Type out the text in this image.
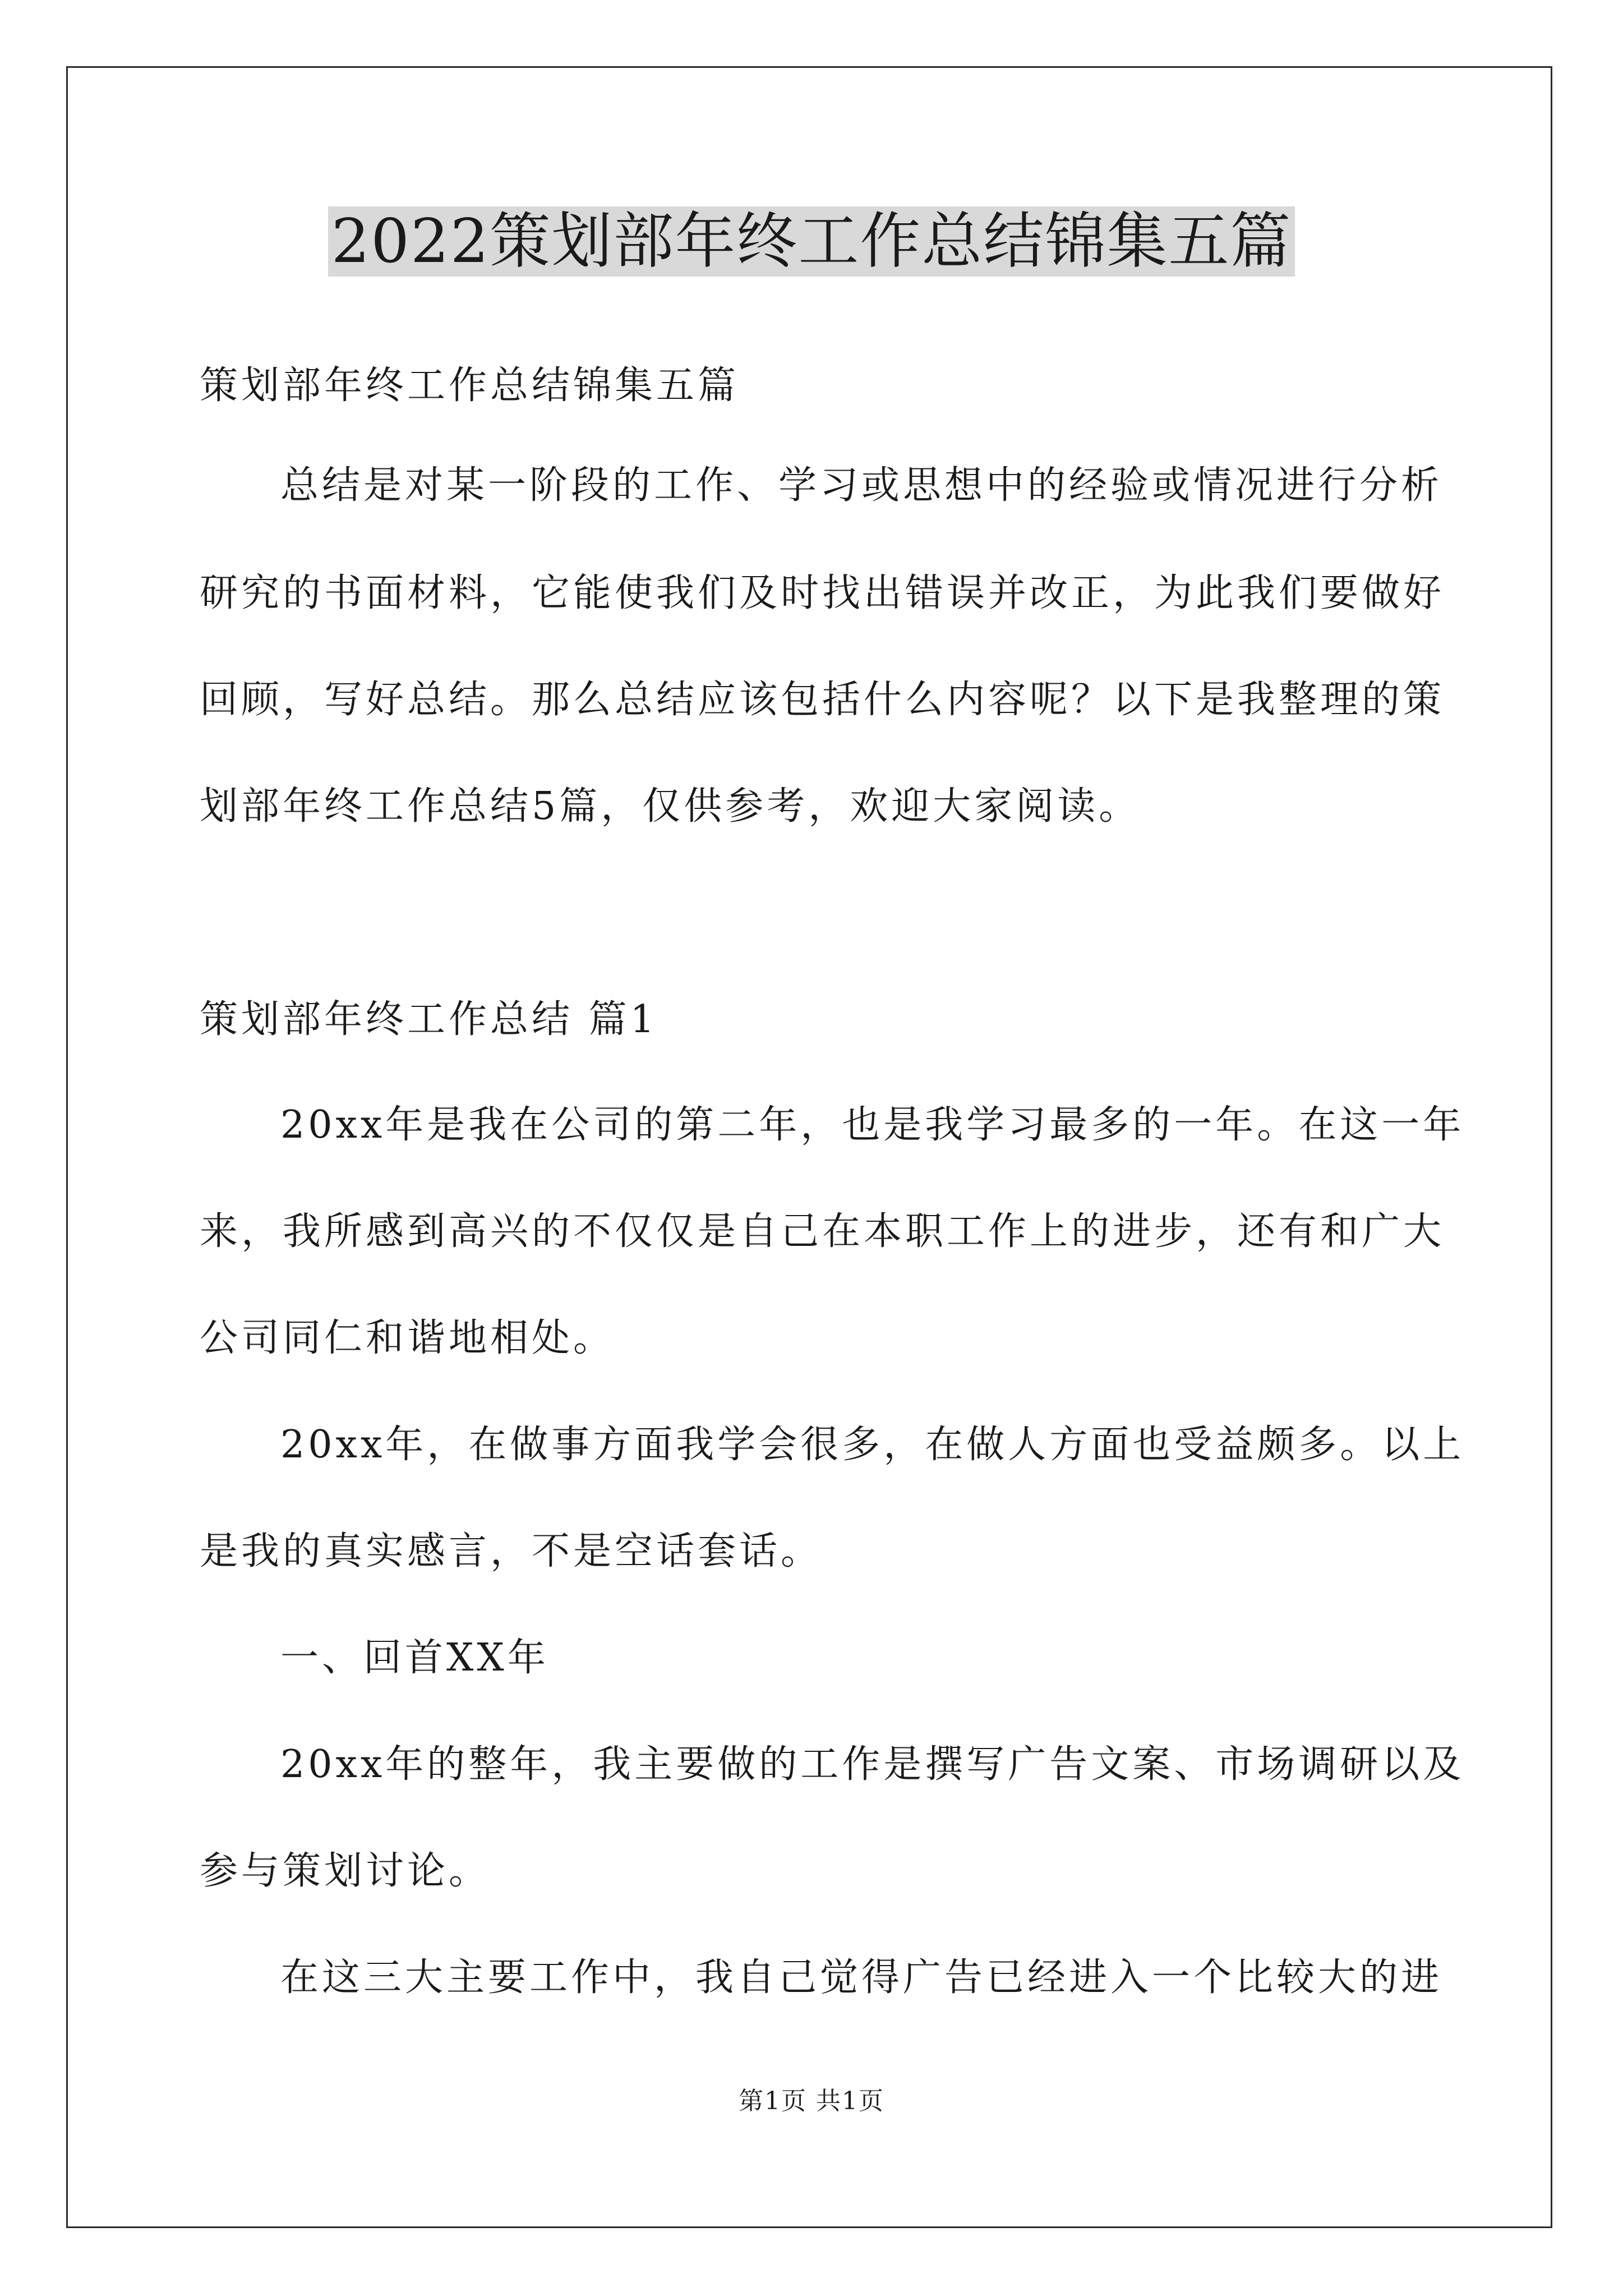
2022策划部年终工作总结锦集五篇
策划部年终工作总结锦集五篇
总结是对某一阶段的工作、学习或思想中的经验或情况进行分析
研究的书面材料，它能使我们及时找出错误并改正，为此我们要做好
回顾，写好总结。那么总结应该包括什么内容呢？以下是我整理的策
划部年终工作总结5篇，仅供参考，欢迎大家阅读。
策划部年终工作总结 篇1
20xx年是我在公司的第二年，也是我学习最多的一年。在这一年
来，我所感到高兴的不仅仅是自己在本职工作上的进步，还有和广大
公司同仁和谐地相处。
20xx年，在做事方面我学会很多，在做人方面也受益颇多。以上
是我的真实感言，不是空话套话。
一、回首XX年
20xx年的整年，我主要做的工作是撰写广告文案、市场调研以及
参与策划讨论。
在这三大主要工作中，我自己觉得广告已经进入一个比较大的进
第1页 共1页
